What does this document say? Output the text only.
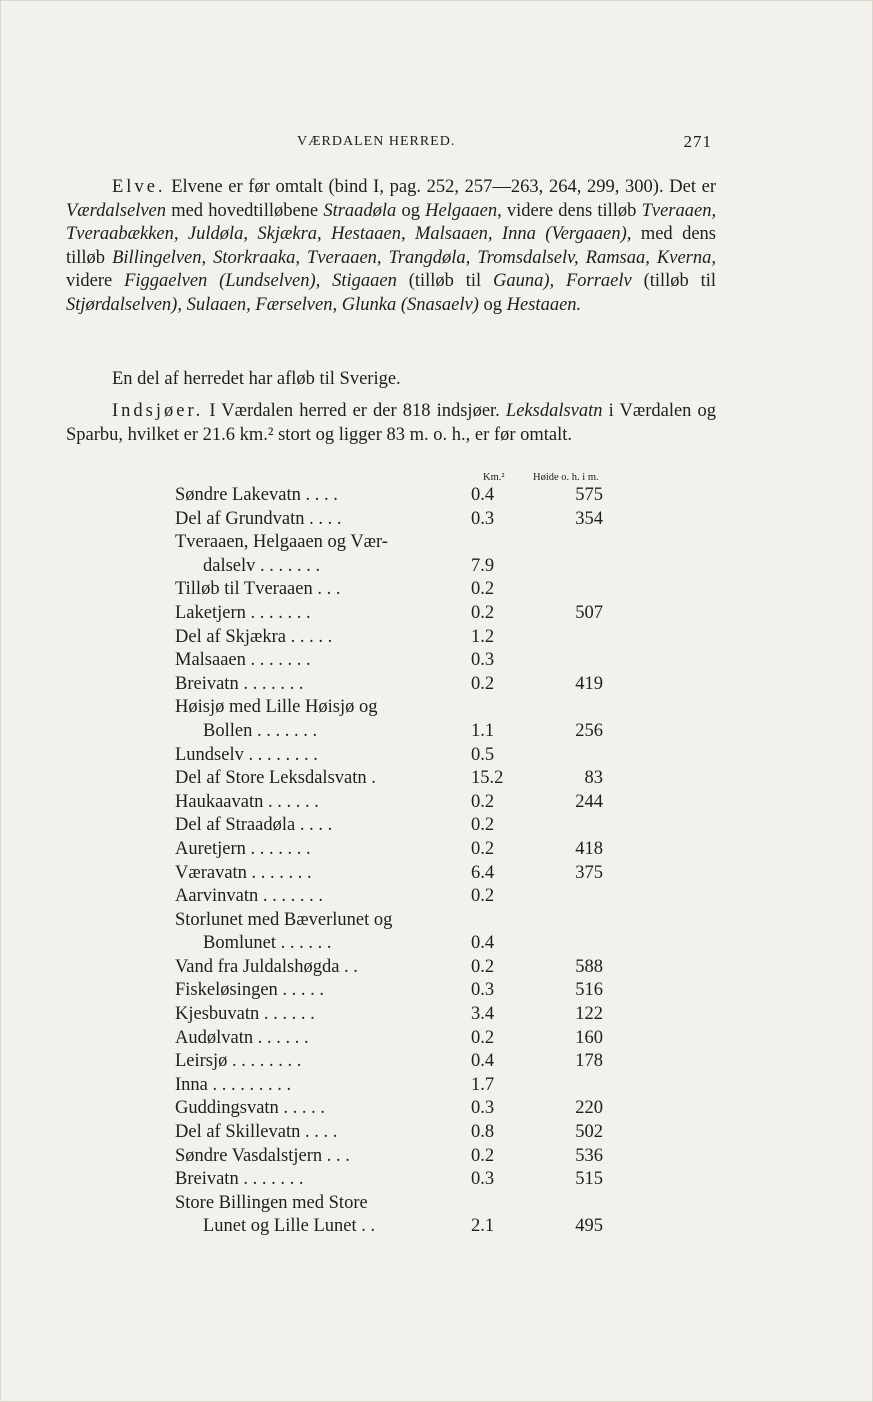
VÆRDALEN HERRED.	271

Elve. Elvene er før omtalt (bind I, pag. 252, 257—263, 264, 299, 300). Det er Værdalselven med hovedtilløbene Straadøla og Helgaaen, videre dens tilløb Tveraaen, Tveraabækken, Juldøla, Skjækra, Hestaaen, Malsaaen, Inna (Vergaaen), med dens tilløb Billingelven, Storkraaka, Tveraaen, Trangdøla, Tromsdalselv, Ramsaa, Kverna, videre Figgaelven (Lundselven), Stigaaen (tilløb til Gauna), Forraelv (tilløb til Stjørdalselven), Sulaaen, Færselven, Glunka (Snasaelv) og Hestaaen.

En del af herredet har afløb til Sverige.

Indsjøer. I Værdalen herred er der 818 indsjøer. Leksdalsvatn i Værdalen og Sparbu, hvilket er 21.6 km.² stort og ligger 83 m. o. h., er før omtalt.

Km.²	Høide o. h. i m.
Søndre Lakevatn . . . .	0.4	575
Del af Grundvatn . . . .	0.3	354
Tveraaen, Helgaaen og Vær-
dalselv . . . . . . .	7.9
Tilløb til Tveraaen . . .	0.2
Laketjern . . . . . . .	0.2	507
Del af Skjækra . . . . .	1.2
Malsaaen . . . . . . .	0.3
Breivatn . . . . . . .	0.2	419
Høisjø med Lille Høisjø og
Bollen . . . . . . .	1.1	256
Lundselv . . . . . . . .	0.5
Del af Store Leksdalsvatn .	15.2	83
Haukaavatn . . . . . .	0.2	244
Del af Straadøla . . . .	0.2
Auretjern . . . . . . .	0.2	418
Væravatn . . . . . . .	6.4	375
Aarvinvatn . . . . . . .	0.2
Storlunet med Bæverlunet og
Bomlunet . . . . . .	0.4
Vand fra Juldalshøgda . .	0.2	588
Fiskeløsingen . . . . .	0.3	516
Kjesbuvatn . . . . . .	3.4	122
Audølvatn . . . . . .	0.2	160
Leirsjø . . . . . . . .	0.4	178
Inna . . . . . . . . .	1.7
Guddingsvatn . . . . .	0.3	220
Del af Skillevatn . . . .	0.8	502
Søndre Vasdalstjern . . .	0.2	536
Breivatn . . . . . . .	0.3	515
Store Billingen med Store
Lunet og Lille Lunet . .	2.1	495
